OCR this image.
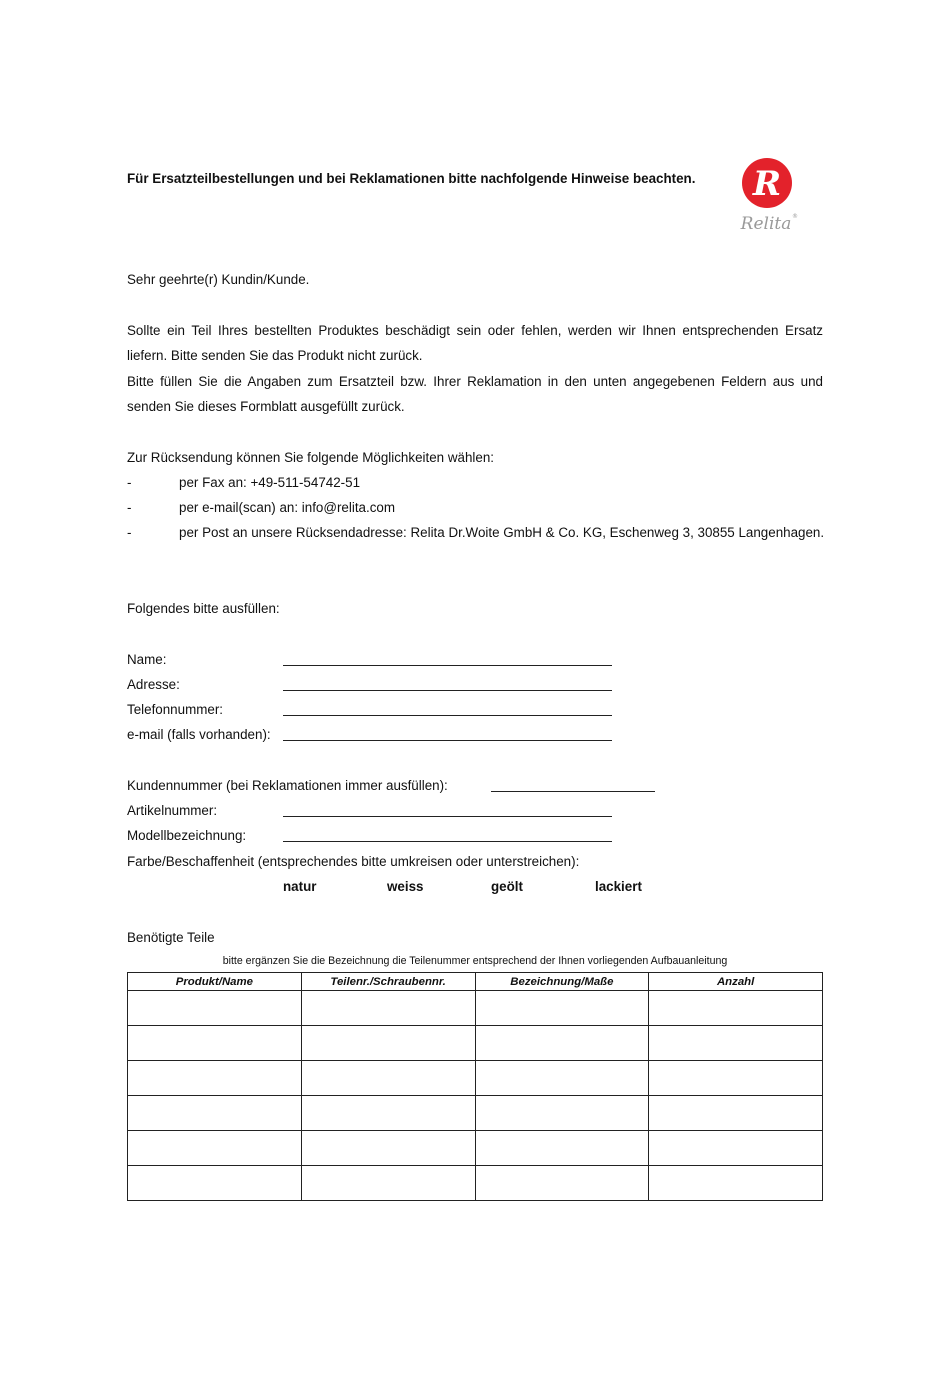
Für Ersatzteilbestellungen und bei Reklamationen bitte nachfolgende Hinweise beachten. R
Relita ®
Sehr geehrte(r) Kundin/Kunde.
Sollte ein Teil Ihres bestellten Produktes beschädigt sein oder fehlen, werden wir Ihnen entsprechenden Ersatz
liefern. Bitte senden Sie das Produkt nicht zurück.
Bitte füllen Sie die Angaben zum Ersatzteil bzw. Ihrer Reklamation in den unten angegebenen Feldern aus und
senden Sie dieses Formblatt ausgefüllt zurück.
Zur Rücksendung können Sie folgende Möglichkeiten wählen:
-	per Fax an: +49-511-54742-51
-	per e-mail(scan) an: info@relita.com
-	per Post an unsere Rücksendadresse: Relita Dr.Woite GmbH & Co. KG, Eschenweg 3, 30855 Langenhagen.
Folgendes bitte ausfüllen:
Name:
Adresse:
Telefonnummer:
e-mail (falls vorhanden):
Kundennummer (bei Reklamationen immer ausfüllen):
Artikelnummer:
Modellbezeichnung:
Farbe/Beschaffenheit (entsprechendes bitte umkreisen oder unterstreichen):
natur	weiss	geölt	lackiert
Benötigte Teile
bitte ergänzen Sie die Bezeichnung die Teilenummer entsprechend der Ihnen vorliegenden Aufbauanleitung
Produkt/Name	Teilenr./Schraubennr.	Bezeichnung/Maße	Anzahl
